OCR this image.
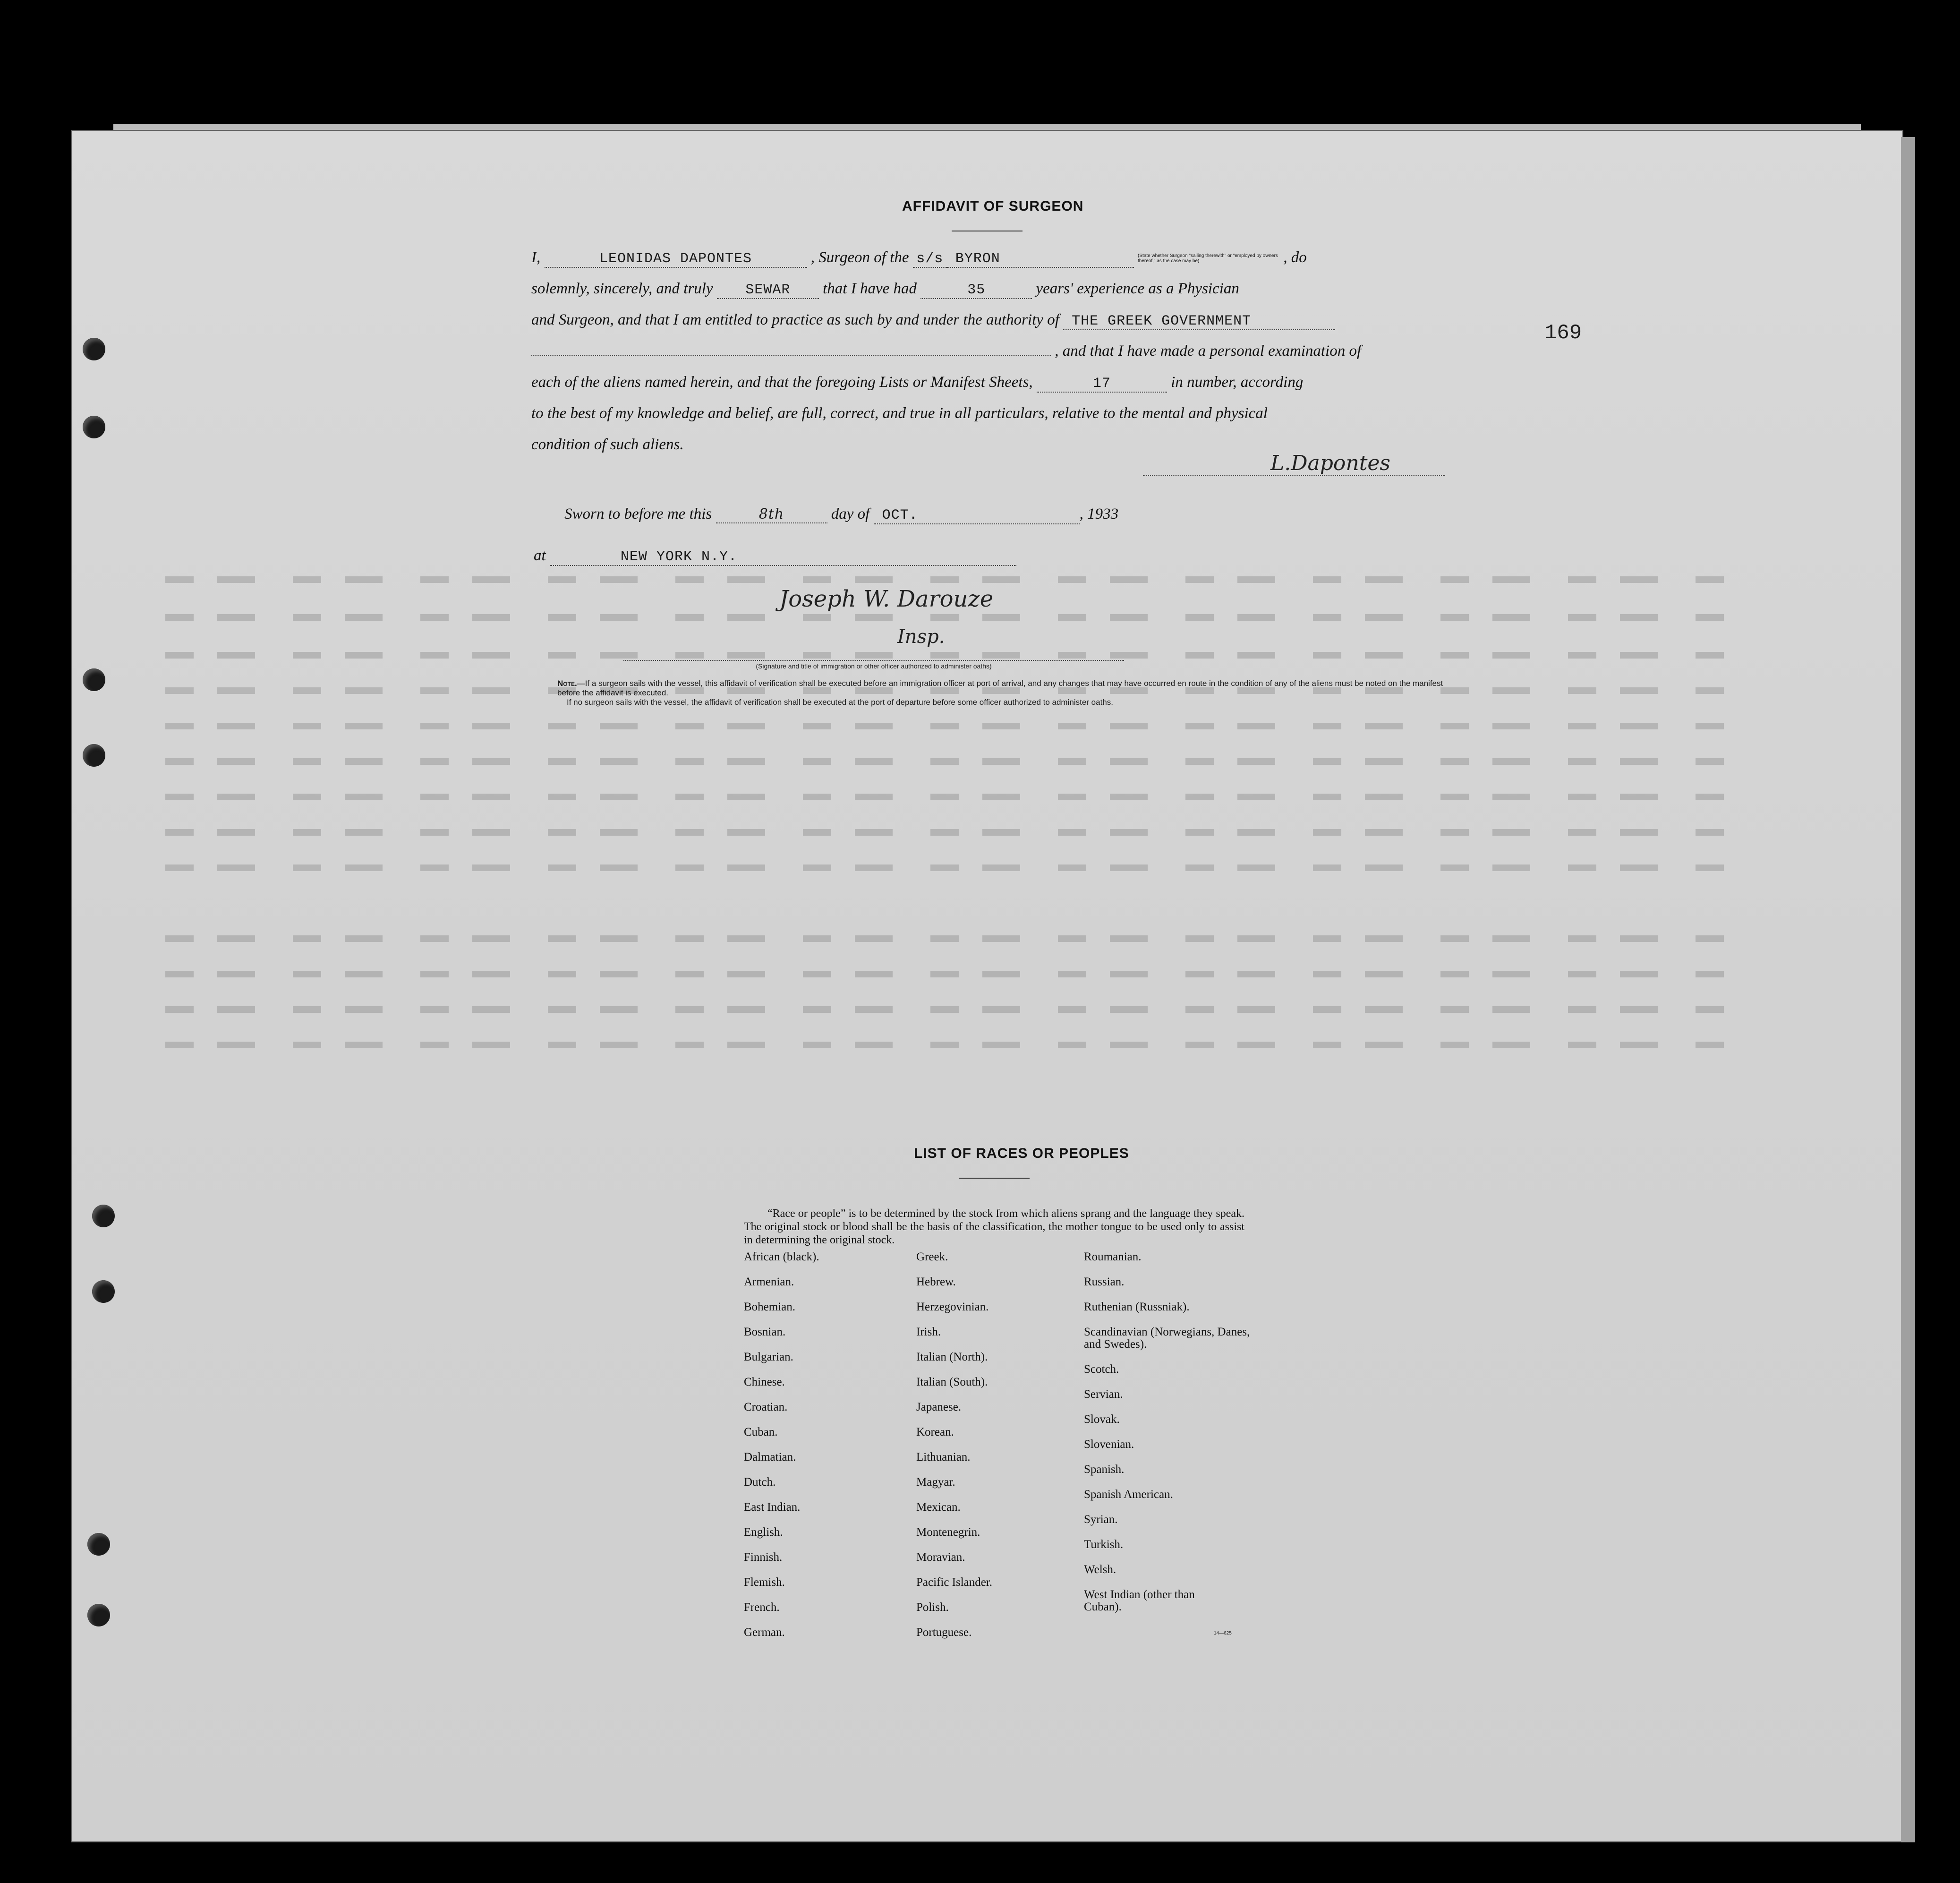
169
AFFIDAVIT OF SURGEON
I,	LEONIDAS DAPONTES	, Surgeon of the s/s BYRON	(State whether Surgeon "sailing therewith" or "employed by owners thereof," as the case may be)	, do
solemnly, sincerely, and truly SEWAR that I have had	35	years' experience as a Physician
and Surgeon, and that I am entitled to practice as such by and under the authority of THE GREEK GOVERNMENT
, and that I have made a personal examination of
each of the aliens named herein, and that the foregoing Lists or Manifest Sheets,	17	in number, according
to the best of my knowledge and belief, are full, correct, and true in all particulars, relative to the mental and physical
condition of such aliens.
L.Dapontes
Sworn to before me this	8th	day of OCT.	, 1933
at	NEW YORK N.Y.
Joseph W. Darouze
Insp.
(Signature and title of immigration or other officer authorized to administer oaths)
Note.—If a surgeon sails with the vessel, this affidavit of verification shall be executed before an immigration officer at port of arrival, and any changes that may have occurred en route in the condition of any of the aliens must be noted on the manifest before the affidavit is executed.
If no surgeon sails with the vessel, the affidavit of verification shall be executed at the port of departure before some officer authorized to administer oaths.
LIST OF RACES OR PEOPLES
“Race or people” is to be determined by the stock from which aliens sprang and the language they speak. The original stock or blood shall be the basis of the classification, the mother tongue to be used only to assist in determining the original stock.
African (black).
Armenian.
Bohemian.
Bosnian.
Bulgarian.
Chinese.
Croatian.
Cuban.
Dalmatian.
Dutch.
East Indian.
English.
Finnish.
Flemish.
French.
German.
Greek.
Hebrew.
Herzegovinian.
Irish.
Italian (North).
Italian (South).
Japanese.
Korean.
Lithuanian.
Magyar.
Mexican.
Montenegrin.
Moravian.
Pacific Islander.
Polish.
Portuguese.
Roumanian.
Russian.
Ruthenian (Russniak).
Scandinavian (Norwegians, Danes, and Swedes).
Scotch.
Servian.
Slovak.
Slovenian.
Spanish.
Spanish American.
Syrian.
Turkish.
Welsh.
West Indian (other than Cuban).
14—625
